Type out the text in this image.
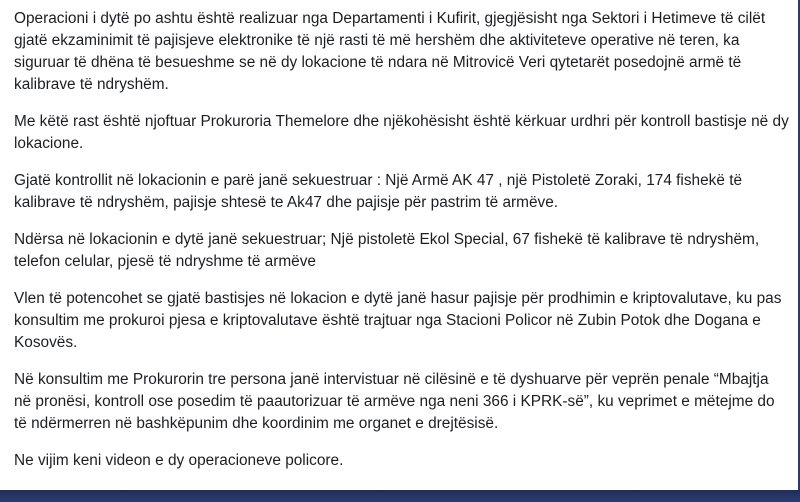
Operacioni i dytë po ashtu është realizuar nga Departamenti i Kufirit, gjegjësisht nga Sektori i Hetimeve të cilët gjatë ekzaminimit të pajisjeve elektronike të një rasti të më hershëm dhe aktiviteteve operative në teren, ka siguruar të dhëna të besueshme se në dy lokacione të ndara në Mitrovicë Veri qytetarët posedojnë armë të kalibrave të ndryshëm.

Me këtë rast është njoftuar Prokuroria Themelore dhe njëkohësisht është kërkuar urdhri për kontroll bastisje në dy lokacione.

Gjatë kontrollit në lokacionin e parë janë sekuestruar : Një Armë AK 47 , një Pistoletë Zoraki, 174 fishekë të kalibrave të ndryshëm, pajisje shtesë te Ak47 dhe pajisje për pastrim të armëve.

Ndërsa në lokacionin e dytë janë sekuestruar; Një pistoletë Ekol Special, 67 fishekë të kalibrave të ndryshëm, telefon celular, pjesë të ndryshme të armëve

Vlen të potencohet se gjatë bastisjes në lokacion e dytë janë hasur pajisje për prodhimin e kriptovalutave, ku pas konsultim me prokuroi pjesa e kriptovalutave është trajtuar nga Stacioni Policor në Zubin Potok dhe Dogana e Kosovës.

Në konsultim me Prokurorin tre persona janë intervistuar në cilësinë e të dyshuarve për veprën penale “Mbajtja në pronësi, kontroll ose posedim të paautorizuar të armëve nga neni 366 i KPRK-së”, ku veprimet e mëtejme do të ndërmerren në bashkëpunim dhe koordinim me organet e drejtësisë.

Ne vijim keni videon e dy operacioneve policore.
